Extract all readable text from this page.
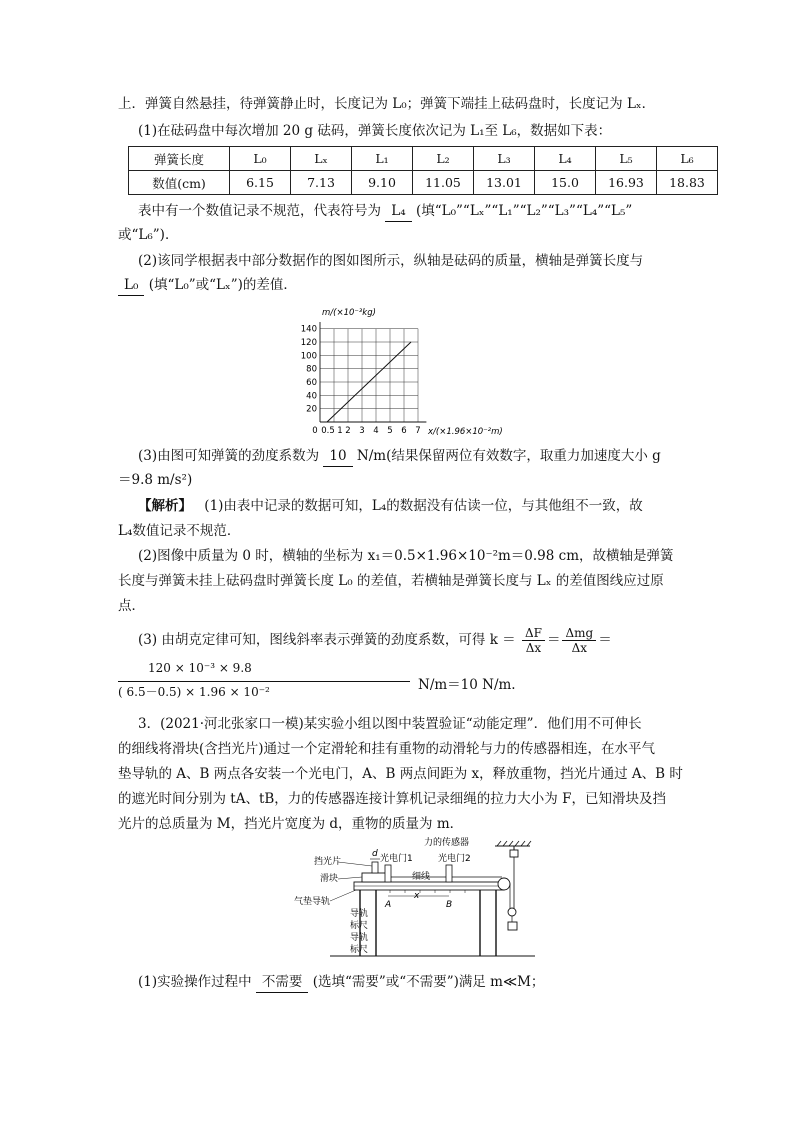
上．弹簧自然悬挂，待弹簧静止时，长度记为 L₀；弹簧下端挂上砝码盘时，长度记为 Lₓ．
(1)在砝码盘中每次增加 20 g 砝码，弹簧长度依次记为 L₁至 L₆，数据如下表：
弹簧长度	L₀	Lₓ	L₁	L₂	L₃	L₄	L₅	L₆
数值(cm)	6.15	7.13	9.10	11.05	13.01	15.0	16.93	18.83
表中有一个数值记录不规范，代表符号为 L₄ (填“L₀”“Lₓ”“L₁”“L₂”“L₃”“L₄”“L₅”
或“L₆”)．
(2)该同学根据表中部分数据作的图如图所示，纵轴是砝码的质量，横轴是弹簧长度与
L₀ (填“L₀”或“Lₓ”)的差值．
140
120
100
80
60
40
20
0 0.5 1 2 3 4 5 6 7
m/(×10⁻³kg)
x/(×1.96×10⁻²m)
(3)由图可知弹簧的劲度系数为 10 N/m(结果保留两位有效数字，取重力加速度大小 g
＝9.8 m/s²)
【解析】 (1)由表中记录的数据可知，L₄的数据没有估读一位，与其他组不一致，故
L₄数值记录不规范．
(2)图像中质量为 0 时，横轴的坐标为 x₁＝0.5×1.96×10⁻²m＝0.98 cm，故横轴是弹簧
长度与弹簧未挂上砝码盘时弹簧长度 L₀ 的差值，若横轴是弹簧长度与 Lₓ 的差值图线应过原
点．
(3) 由胡克定律可知，图线斜率表示弹簧的劲度系数，可得 $k = \frac{\Delta F}{\Delta x} = \frac{\text{Δmg}}{\Delta x}$ ＝
120 × 10⁻³ × 9.8
( 6.5－0.5) × 1.96 × 10⁻²	N/m＝10 N/m.
3．(2021·河北张家口一模)某实验小组以图中装置验证“动能定理”．他们用不可伸长
的细线将滑块(含挡光片)通过一个定滑轮和挂有重物的动滑轮与力的传感器相连，在水平气
垫导轨的 A、B 两点各安装一个光电门，A、B 两点间距为 x，释放重物，挡光片通过 A、B 时
的遮光时间分别为 tA、tB，力的传感器连接计算机记录细绳的拉力大小为 F，已知滑块及挡
光片的总质量为 M，挡光片宽度为 d，重物的质量为 m．
力的传感器
d 光电门1	光电门2
细线
挡光片
滑块
气垫导轨
x
A	B
导轨
标尺
导轨
标尺
(1)实验操作过程中 不需要 (选填“需要”或“不需要”)满足 m≪M；
